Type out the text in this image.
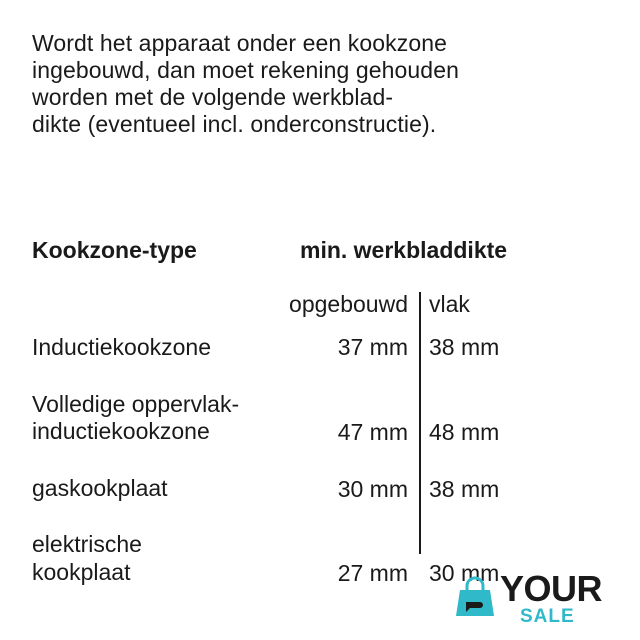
Wordt het apparaat onder een kookzone
ingebouwd, dan moet rekening gehouden
worden met de volgende werkblad-
dikte (eventueel incl. onderconstructie).
Kookzone-type	min. werkbladdikte
opgebouwd vlak
Inductiekookzone	37 mm 38 mm
Volledige oppervlak-
inductiekookzone	47 mm 48 mm
gaskookplaat	30 mm 38 mm
elektrische
kookplaat	27 mm 30 mm YOUR
SALE
